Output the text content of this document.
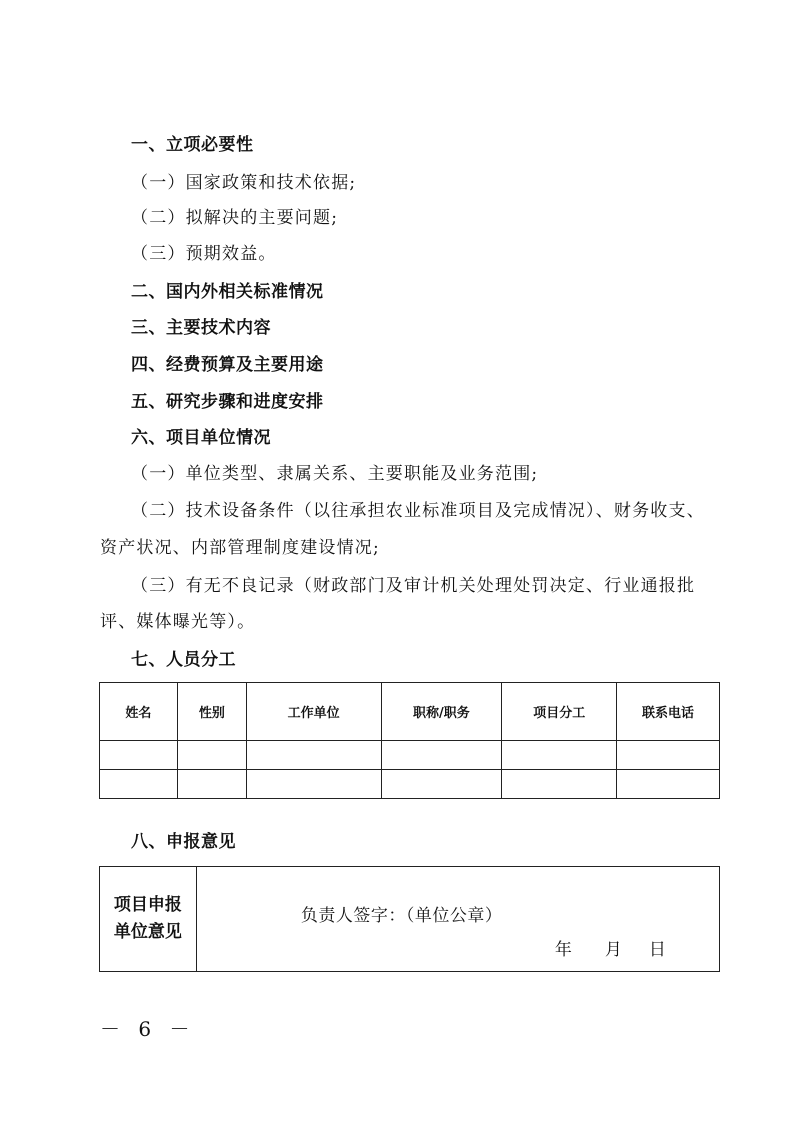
一、立项必要性
（一）国家政策和技术依据;
（二）拟解决的主要问题;
（三）预期效益。
二、国内外相关标准情况
三、主要技术内容
四、经费预算及主要用途
五、研究步骤和进度安排
六、项目单位情况
（一）单位类型、隶属关系、主要职能及业务范围;
（二）技术设备条件（以往承担农业标准项目及完成情况）、财务收支、
资产状况、内部管理制度建设情况;
（三）有无不良记录（财政部门及审计机关处理处罚决定、行业通报批
评、媒体曝光等）。
七、人员分工
姓名	性别	工作单位	职称/职务	项目分工	联系电话

八、申报意见
项目申报
单位意见

负责人签字：（单位公章）
年 月 日
－ 6 －
